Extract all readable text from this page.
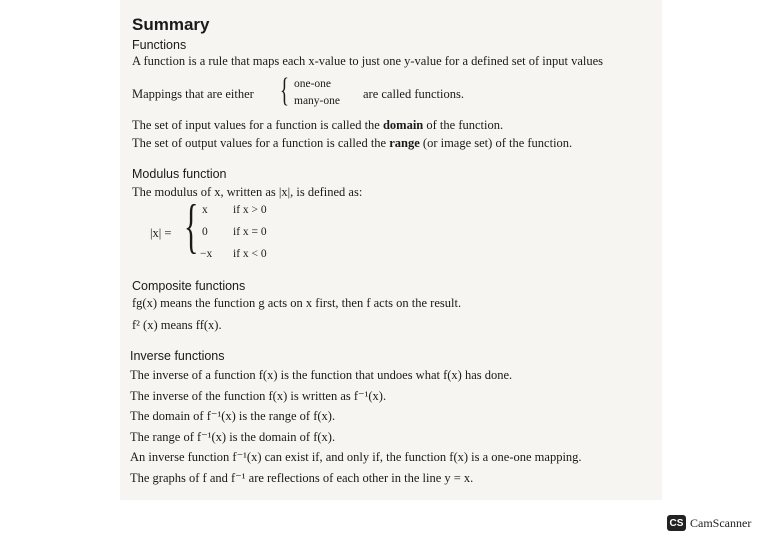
Summary
Functions
A function is a rule that maps each x-value to just one y-value for a defined set of input values
Mappings that are either { one-one
many-one are called functions.
The set of input values for a function is called the domain of the function.
The set of output values for a function is called the range (or image set) of the function.
Modulus function
The modulus of x, written as |x|, is defined as:
|x| = { x if x > 0
0 if x = 0
−x if x < 0
Composite functions
fg(x) means the function g acts on x first, then f acts on the result.
f² (x) means ff(x).
Inverse functions
The inverse of a function f(x) is the function that undoes what f(x) has done.
The inverse of the function f(x) is written as f⁻¹(x).
The domain of f⁻¹(x) is the range of f(x).
The range of f⁻¹(x) is the domain of f(x).
An inverse function f⁻¹(x) can exist if, and only if, the function f(x) is a one-one mapping.
The graphs of f and f⁻¹ are reflections of each other in the line y = x.
CS CamScanner
